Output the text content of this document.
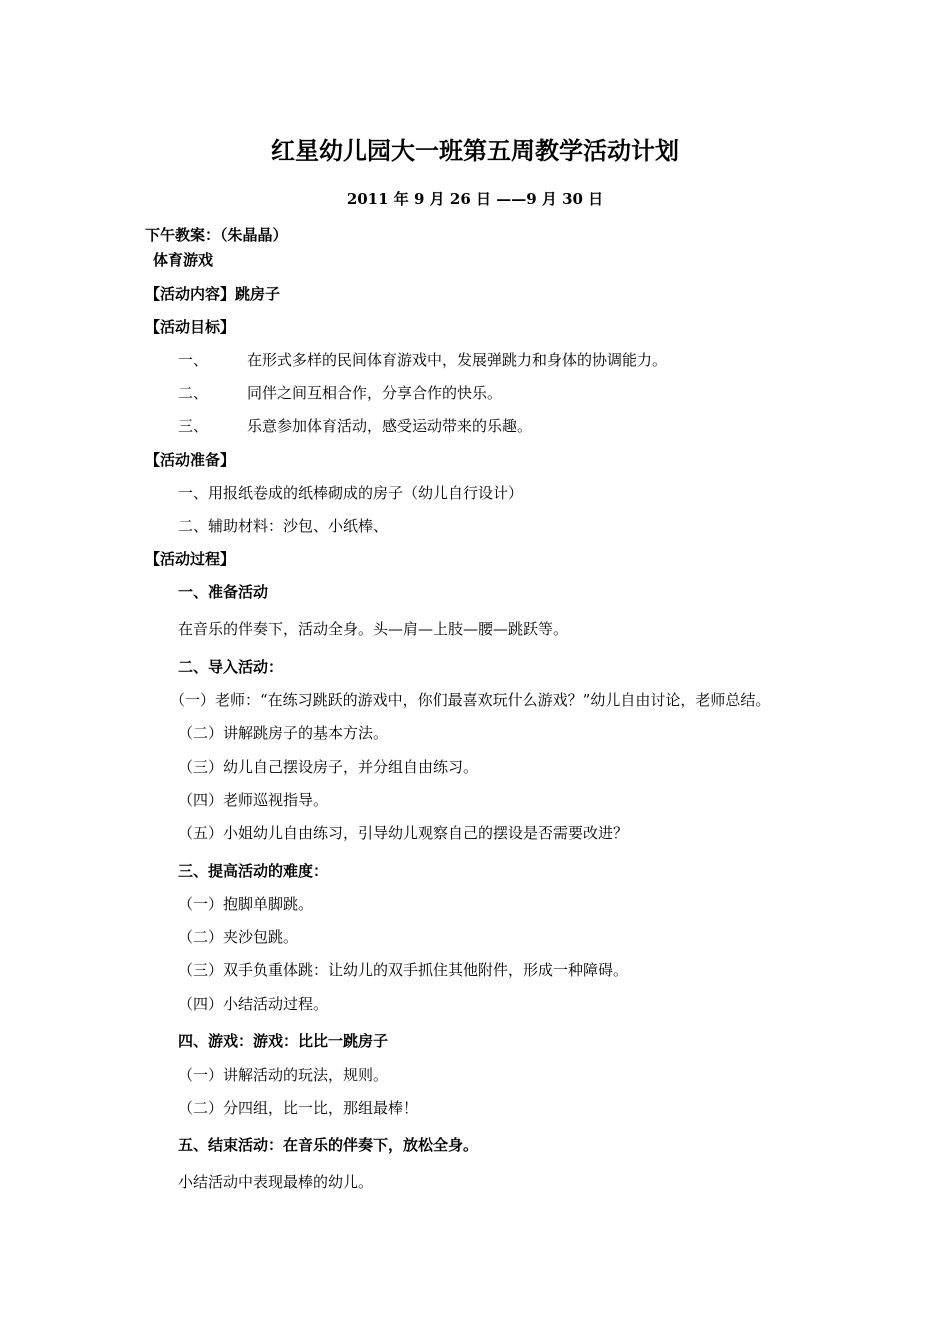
红星幼儿园大一班第五周教学活动计划
2011 年 9 月 26 日 ——9 月 30 日
下午教案：（朱晶晶）
体育游戏
【活动内容】跳房子
【活动目标】
一、	在形式多样的民间体育游戏中，发展弹跳力和身体的协调能力。
二、	同伴之间互相合作，分享合作的快乐。
三、	乐意参加体育活动，感受运动带来的乐趣。
【活动准备】
一、用报纸卷成的纸棒砌成的房子（幼儿自行设计）
二、辅助材料：沙包、小纸棒、
【活动过程】
一、准备活动
在音乐的伴奏下，活动全身。头—肩—上肢—腰—跳跃等。
二、导入活动：
（一）老师：“在练习跳跃的游戏中，你们最喜欢玩什么游戏？”幼儿自由讨论，老师总结。
（二）讲解跳房子的基本方法。
（三）幼儿自己摆设房子，并分组自由练习。
（四）老师巡视指导。
（五）小姐幼儿自由练习，引导幼儿观察自己的摆设是否需要改进？
三、提高活动的难度：
（一）抱脚单脚跳。
（二）夹沙包跳。
（三）双手负重体跳：让幼儿的双手抓住其他附件，形成一种障碍。
（四）小结活动过程。
四、游戏：游戏：比比一跳房子
（一）讲解活动的玩法，规则。
（二）分四组，比一比，那组最棒！
五、结束活动：在音乐的伴奏下，放松全身。
小结活动中表现最棒的幼儿。
